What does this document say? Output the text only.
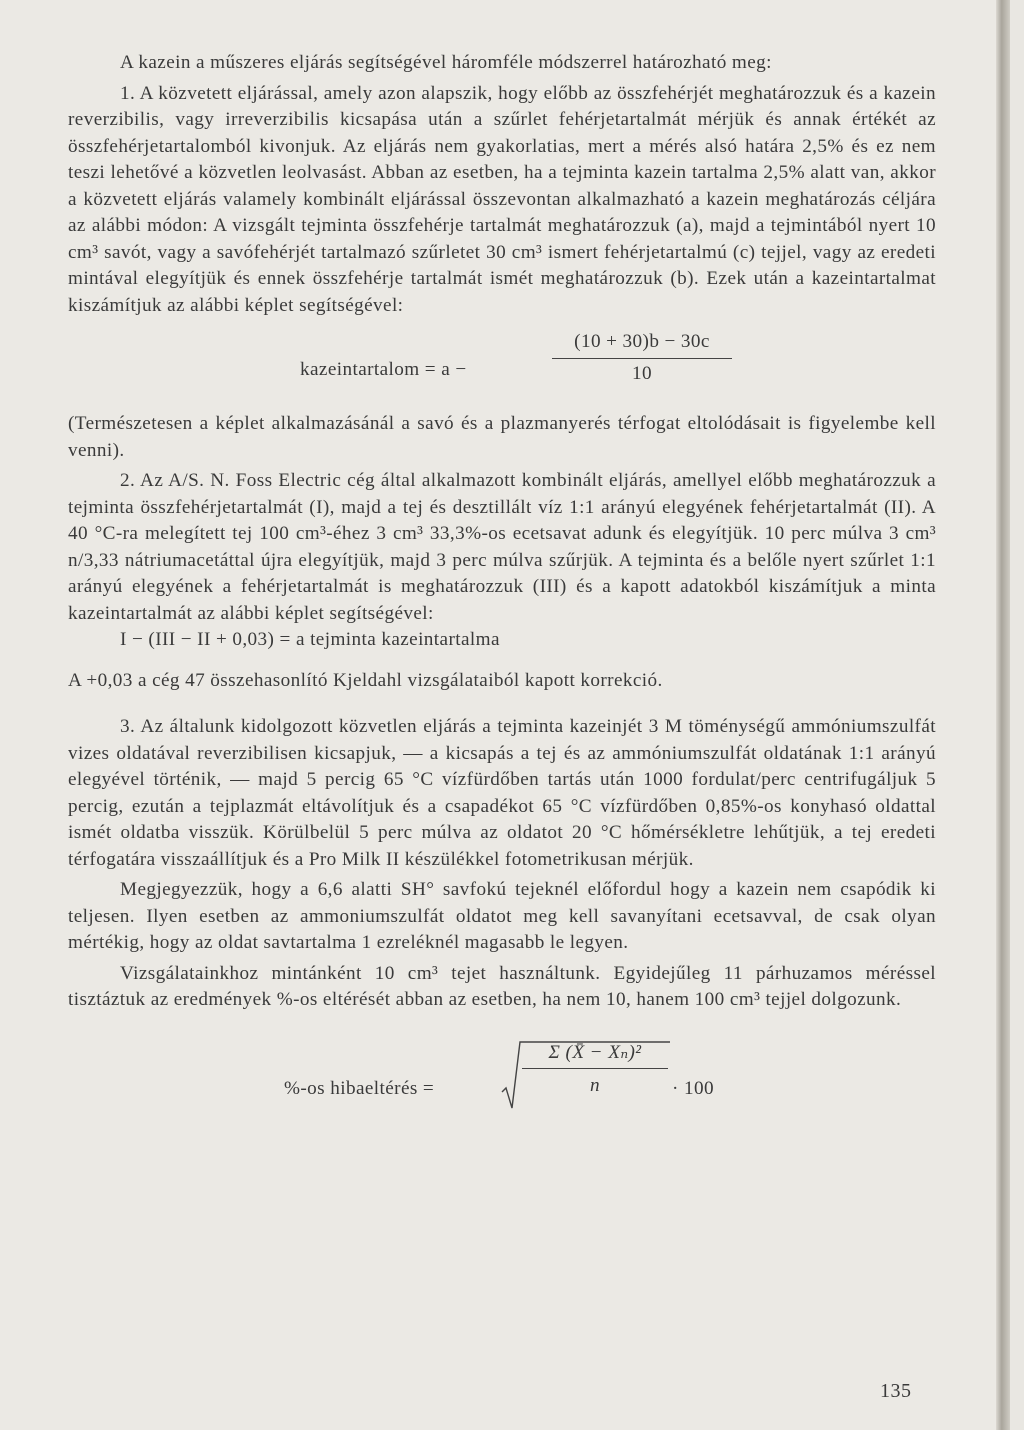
A kazein a műszeres eljárás segítségével háromféle módszerrel határozható meg:

1. A közvetett eljárással, amely azon alapszik, hogy előbb az összfehérjét meghatározzuk és a kazein reverzibilis, vagy irreverzibilis kicsapása után a szűrlet fehérjetartalmát mérjük és annak értékét az összfehérjetartalomból kivonjuk. Az eljárás nem gyakorlatias, mert a mérés alsó határa 2,5% és ez nem teszi lehetővé a közvetlen leolvasást. Abban az esetben, ha a tejminta kazein tartalma 2,5% alatt van, akkor a közvetett eljárás valamely kombinált eljárással összevontan alkalmazható a kazein meghatározás céljára az alábbi módon: A vizsgált tejminta összfehérje tartalmát meghatározzuk (a), majd a tejmintából nyert 10 cm³ savót, vagy a savófehérjét tartalmazó szűrletet 30 cm³ ismert fehérjetartalmú (c) tejjel, vagy az eredeti mintával elegyítjük és ennek összfehérje tartalmát ismét meghatározzuk (b). Ezek után a kazeintartalmat kiszámítjuk az alábbi képlet segítségével:

kazeintartalom = a −	$\frac{(10 + 30)b - 30c}{10}$

(Természetesen a képlet alkalmazásánál a savó és a plazmanyerés térfogat eltolódásait is figyelembe kell venni).

2. Az A/S. N. Foss Electric cég által alkalmazott kombinált eljárás, amellyel előbb meghatározzuk a tejminta összfehérjetartalmát (I), majd a tej és desztillált víz 1:1 arányú elegyének fehérjetartalmát (II). A 40 °C-ra melegített tej 100 cm³-éhez 3 cm³ 33,3%-os ecetsavat adunk és elegyítjük. 10 perc múlva 3 cm³ n/3,33 nátriumacetáttal újra elegyítjük, majd 3 perc múlva szűrjük. A tejminta és a belőle nyert szűrlet 1:1 arányú elegyének a fehérjetartalmát is meghatározzuk (III) és a kapott adatokból kiszámítjuk a minta kazeintartalmát az alábbi képlet segítségével:

I − (III − II + 0,03) = a tejminta kazeintartalma

A +0,03 a cég 47 összehasonlító Kjeldahl vizsgálataiból kapott korrekció.

3. Az általunk kidolgozott közvetlen eljárás a tejminta kazeinjét 3 M töménységű ammóniumszulfát vizes oldatával reverzibilisen kicsapjuk, — a kicsapás a tej és az ammóniumszulfát oldatának 1:1 arányú elegyével történik, — majd 5 percig 65 °C vízfürdőben tartás után 1000 fordulat/perc centrifugáljuk 5 percig, ezután a tejplazmát eltávolítjuk és a csapadékot 65 °C vízfürdőben 0,85%-os konyhasó oldattal ismét oldatba visszük. Körülbelül 5 perc múlva az oldatot 20 °C hőmérsékletre lehűtjük, a tej eredeti térfogatára visszaállítjuk és a Pro Milk II készülékkel fotometrikusan mérjük.

Megjegyezzük, hogy a 6,6 alatti SH° savfokú tejeknél előfordul hogy a kazein nem csapódik ki teljesen. Ilyen esetben az ammoniumszulfát oldatot meg kell savanyítani ecetsavval, de csak olyan mértékig, hogy az oldat savtartalma 1 ezreléknél magasabb le legyen.

Vizsgálatainkhoz mintánként 10 cm³ tejet használtunk. Egyidejűleg 11 párhuzamos méréssel tisztáztuk az eredmények %-os eltérését abban az esetben, ha nem 10, hanem 100 cm³ tejjel dolgozunk.

%-os hibaeltérés =	$\frac{\text{Σ (X̄ − Xₙ)²}}{n} \cdot 100$
135
